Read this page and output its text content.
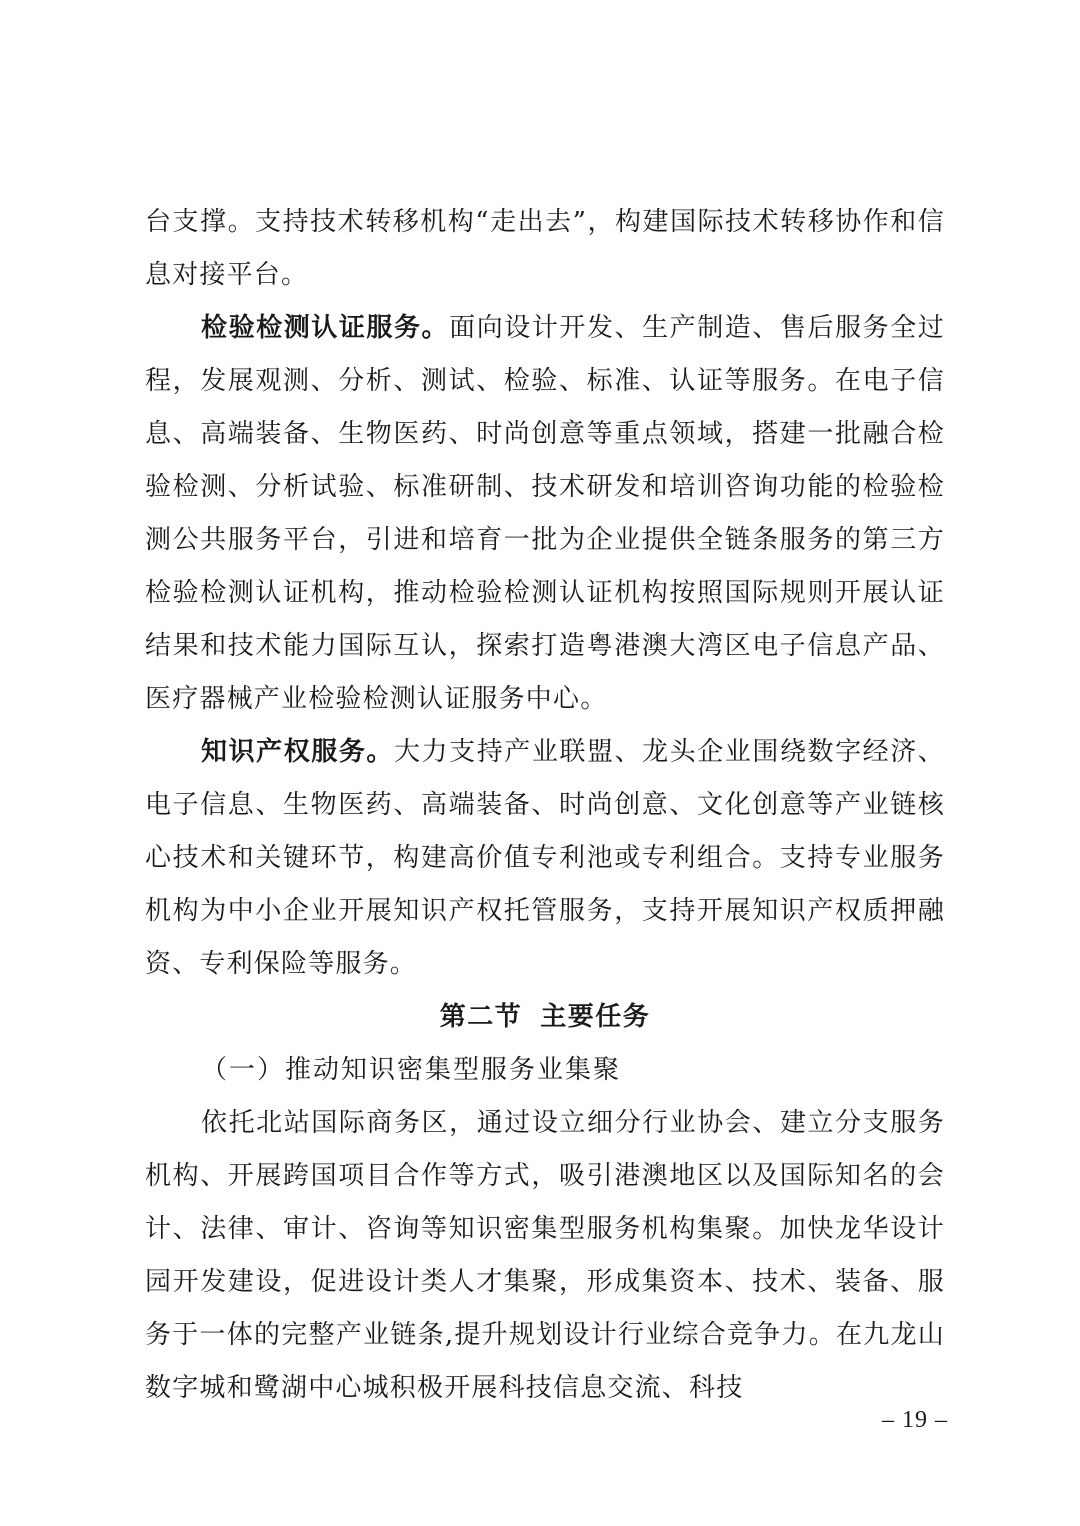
台支撑。支持技术转移机构“走出去”，构建国际技术转移协作和信息对接平台。

检验检测认证服务。面向设计开发、生产制造、售后服务全过程，发展观测、分析、测试、检验、标准、认证等服务。在电子信息、高端装备、生物医药、时尚创意等重点领域，搭建一批融合检验检测、分析试验、标准研制、技术研发和培训咨询功能的检验检测公共服务平台，引进和培育一批为企业提供全链条服务的第三方检验检测认证机构，推动检验检测认证机构按照国际规则开展认证结果和技术能力国际互认，探索打造粤港澳大湾区电子信息产品、医疗器械产业检验检测认证服务中心。

知识产权服务。大力支持产业联盟、龙头企业围绕数字经济、电子信息、生物医药、高端装备、时尚创意、文化创意等产业链核心技术和关键环节，构建高价值专利池或专利组合。支持专业服务机构为中小企业开展知识产权托管服务，支持开展知识产权质押融资、专利保险等服务。

第二节 主要任务

（一）推动知识密集型服务业集聚

依托北站国际商务区，通过设立细分行业协会、建立分支服务机构、开展跨国项目合作等方式，吸引港澳地区以及国际知名的会计、法律、审计、咨询等知识密集型服务机构集聚。加快龙华设计园开发建设，促进设计类人才集聚，形成集资本、技术、装备、服务于一体的完整产业链条,提升规划设计行业综合竞争力。在九龙山数字城和鹭湖中心城积极开展科技信息交流、科技

– 19 –
